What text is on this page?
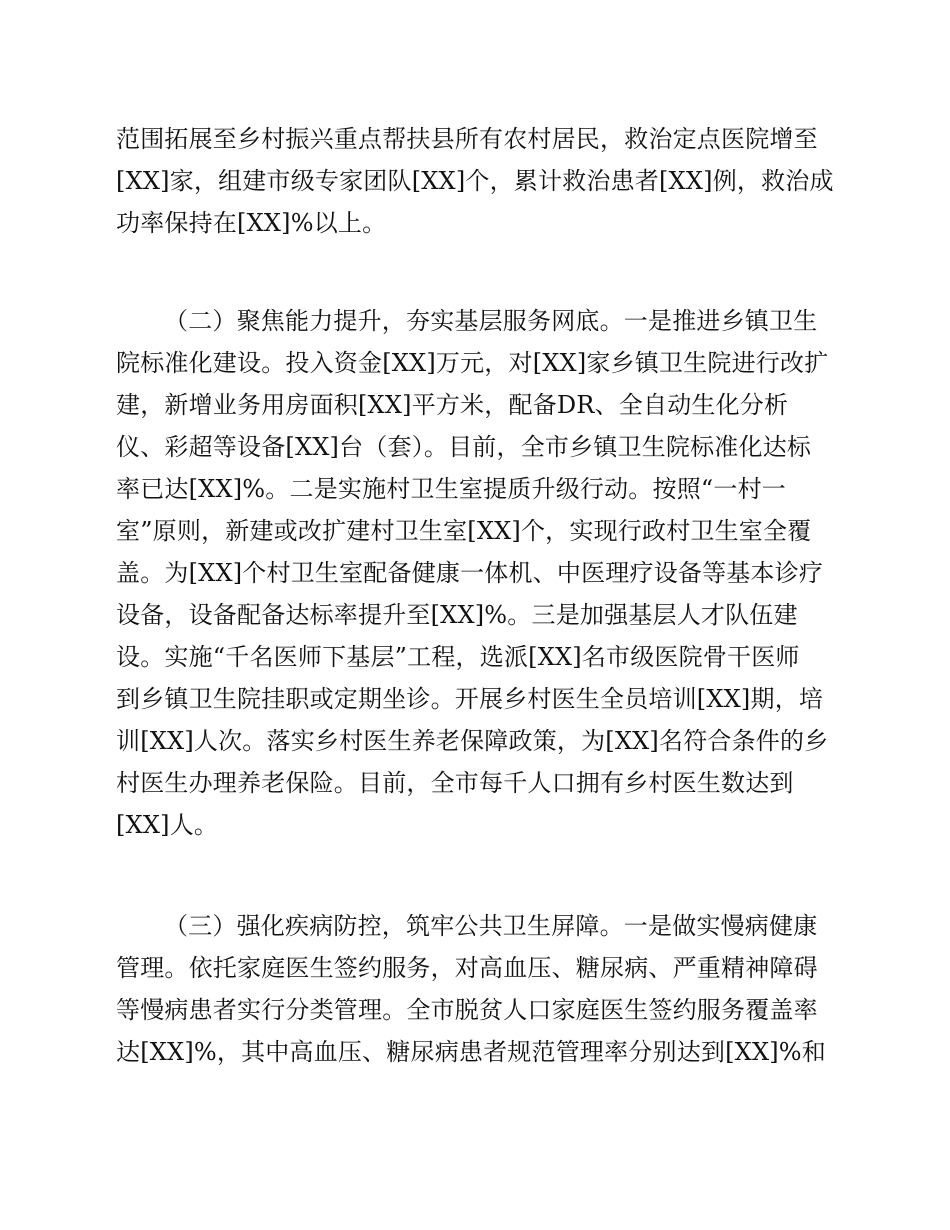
范围拓展至乡村振兴重点帮扶县所有农村居民，救治定点医院增至
[XX]家，组建市级专家团队[XX]个，累计救治患者[XX]例，救治成
功率保持在[XX]%以上。
（二）聚焦能力提升，夯实基层服务网底。一是推进乡镇卫生
院标准化建设。投入资金[XX]万元，对[XX]家乡镇卫生院进行改扩
建，新增业务用房面积[XX]平方米，配备DR、全自动生化分析
仪、彩超等设备[XX]台（套）。目前，全市乡镇卫生院标准化达标
率已达[XX]%。二是实施村卫生室提质升级行动。按照“一村一
室”原则，新建或改扩建村卫生室[XX]个，实现行政村卫生室全覆
盖。为[XX]个村卫生室配备健康一体机、中医理疗设备等基本诊疗
设备，设备配备达标率提升至[XX]%。三是加强基层人才队伍建
设。实施“千名医师下基层”工程，选派[XX]名市级医院骨干医师
到乡镇卫生院挂职或定期坐诊。开展乡村医生全员培训[XX]期，培
训[XX]人次。落实乡村医生养老保障政策，为[XX]名符合条件的乡
村医生办理养老保险。目前，全市每千人口拥有乡村医生数达到
[XX]人。
（三）强化疾病防控，筑牢公共卫生屏障。一是做实慢病健康
管理。依托家庭医生签约服务，对高血压、糖尿病、严重精神障碍
等慢病患者实行分类管理。全市脱贫人口家庭医生签约服务覆盖率
达[XX]%，其中高血压、糖尿病患者规范管理率分别达到[XX]%和
